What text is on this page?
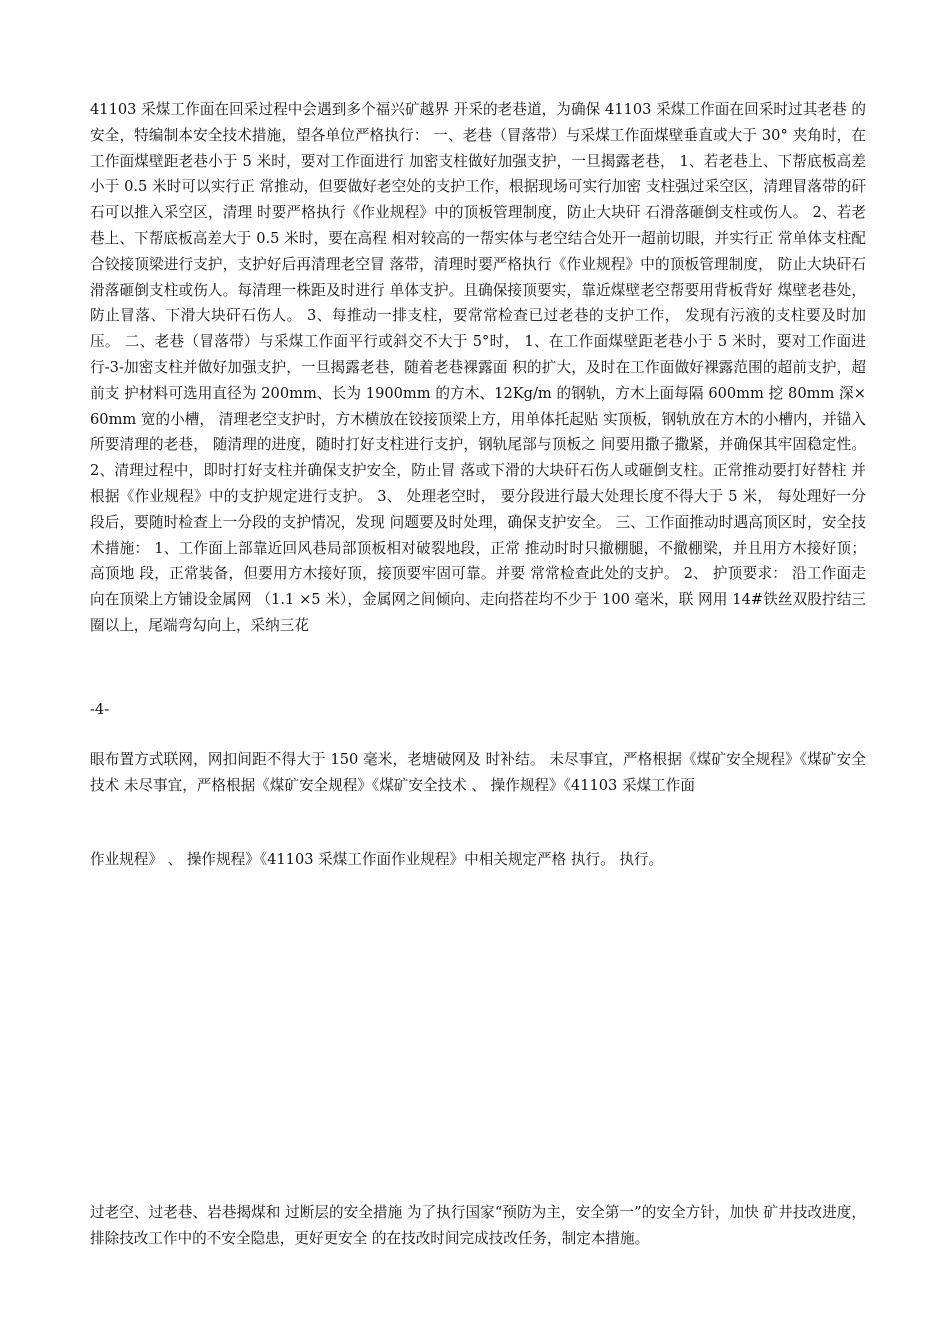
41103 采煤工作面在回采过程中会遇到多个福兴矿越界 开采的老巷道，为确保 41103 采煤工作面在回采时过其老巷 的安全，特编制本安全技术措施，望各单位严格执行： 一、老巷（冒落带）与采煤工作面煤壁垂直或大于 30° 夹角时，在工作面煤壁距老巷小于 5 米时，要对工作面进行 加密支柱做好加强支护，一旦揭露老巷， 1、若老巷上、下帮底板高差小于 0.5 米时可以实行正 常推动，但要做好老空处的支护工作，根据现场可实行加密 支柱强过采空区，清理冒落带的矸石可以推入采空区，清理 时要严格执行《作业规程》中的顶板管理制度，防止大块矸 石滑落砸倒支柱或伤人。 2、若老巷上、下帮底板高差大于 0.5 米时，要在高程 相对较高的一帮实体与老空结合处开一超前切眼，并实行正 常单体支柱配合铰接顶梁进行支护，支护好后再清理老空冒 落带，清理时要严格执行《作业规程》中的顶板管理制度， 防止大块矸石滑落砸倒支柱或伤人。每清理一株距及时进行 单体支护。且确保接顶要实，靠近煤壁老空帮要用背板背好 煤壁老巷处，防止冒落、下滑大块矸石伤人。 3、每推动一排支柱，要常常检查已过老巷的支护工作， 发现有污液的支柱要及时加压。 二、老巷（冒落带）与采煤工作面平行或斜交不大于 5°时， 1、在工作面煤壁距老巷小于 5 米时，要对工作面进行-3-加密支柱并做好加强支护，一旦揭露老巷，随着老巷裸露面 积的扩大，及时在工作面做好裸露范围的超前支护，超前支 护材料可选用直径为 200mm、长为 1900mm 的方木、12Kg/m 的钢轨，方木上面每隔 600mm 挖 80mm 深×60mm 宽的小槽， 清理老空支护时，方木横放在铰接顶梁上方，用单体托起贴 实顶板，钢轨放在方木的小槽内，并锚入所要清理的老巷， 随清理的进度，随时打好支柱进行支护，钢轨尾部与顶板之 间要用撒子撒紧，并确保其牢固稳定性。 2、清理过程中，即时打好支柱并确保支护安全，防止冒 落或下滑的大块矸石伤人或砸倒支柱。正常推动要打好替柱 并根据《作业规程》中的支护规定进行支护。 3、 处理老空时， 要分段进行最大处理长度不得大于 5 米， 每处理好一分段后，要随时检查上一分段的支护情况，发现 问题要及时处理，确保支护安全。 三、工作面推动时遇高顶区时，安全技术措施： 1、工作面上部靠近回风巷局部顶板相对破裂地段，正常 推动时时只撤棚腿，不撤棚梁，并且用方木接好顶；高顶地 段，正常装备，但要用方木接好顶，接顶要牢固可靠。并要 常常检查此处的支护。 2、 护顶要求： 沿工作面走向在顶梁上方铺设金属网 （1.1 ×5 米），金属网之间倾向、走向搭茬均不少于 100 毫米，联 网用 14#铁丝双股拧结三圈以上，尾端弯勾向上，采纳三花

-4-

眼布置方式联网，网扣间距不得大于 150 毫米，老塘破网及 时补结。 未尽事宜，严格根据《煤矿安全规程》《煤矿安全技术 未尽事宜，严格根据《煤矿安全规程》《煤矿安全技术 、 操作规程》《41103 采煤工作面

作业规程》 、 操作规程》《41103 采煤工作面作业规程》中相关规定严格 执行。 执行。

过老空、过老巷、岩巷揭煤和 过断层的安全措施 为了执行国家“预防为主，安全第一”的安全方针，加快 矿井技改进度，排除技改工作中的不安全隐患，更好更安全 的在技改时间完成技改任务，制定本措施。
